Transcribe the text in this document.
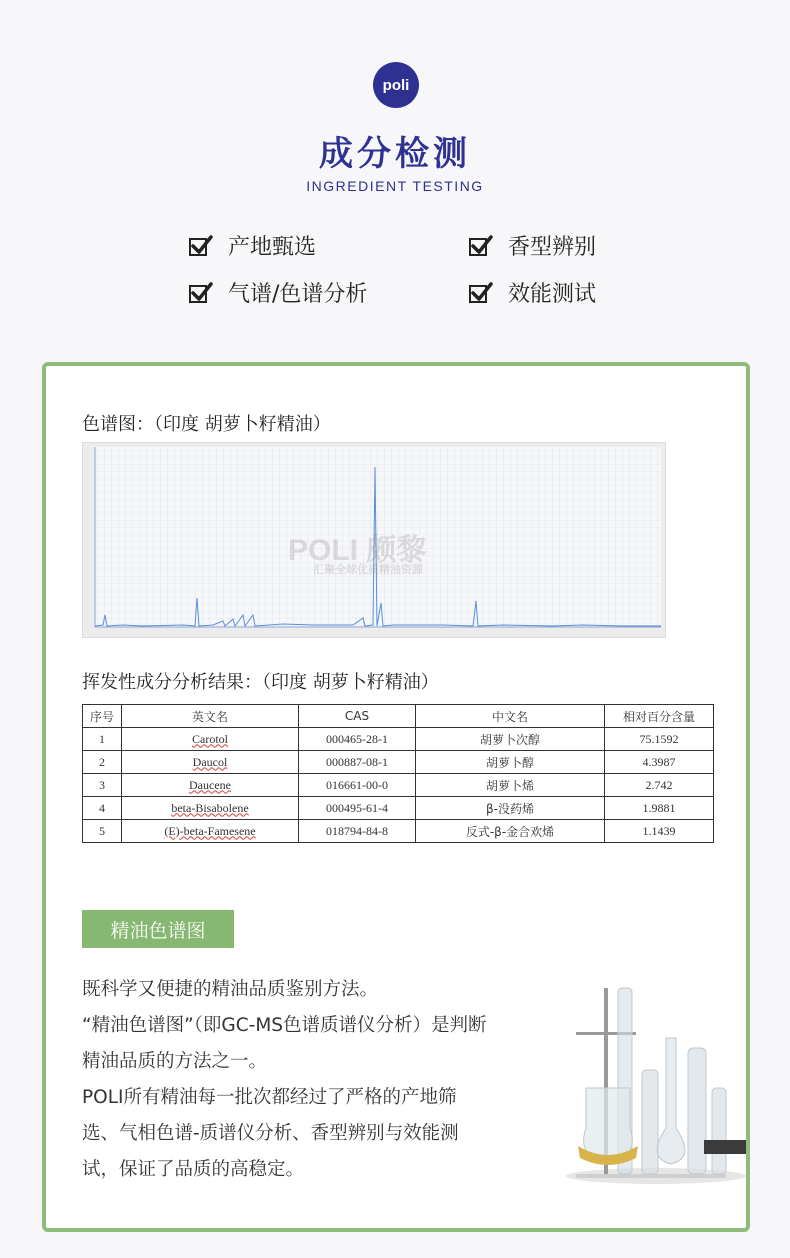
poli
成分检测
INGREDIENT TESTING
产地甄选	香型辨别
气谱/色谱分析	效能测试
色谱图：（印度 胡萝卜籽精油）
POLI 颇黎
汇聚全球优质精油资源
挥发性成分分析结果：（印度 胡萝卜籽精油）
序号	英文名	CAS	中文名	相对百分含量
1	Carotol	000465-28-1	胡萝卜次醇	75.1592
2	Daucol	000887-08-1	胡萝卜醇	4.3987
3	Daucene	016661-00-0	胡萝卜烯	2.742
4	beta-Bisabolene	000495-61-4	β-没药烯	1.9881
5	(E)-beta-Famesene	018794-84-8	反式-β-金合欢烯	1.1439
精油色谱图

既科学又便捷的精油品质鉴别方法。

“精油色谱图”（即GC-MS色谱质谱仪分析）是判断精油品质的方法之一。

POLI所有精油每一批次都经过了严格的产地筛选、气相色谱-质谱仪分析、香型辨别与效能测试，保证了品质的高稳定。
